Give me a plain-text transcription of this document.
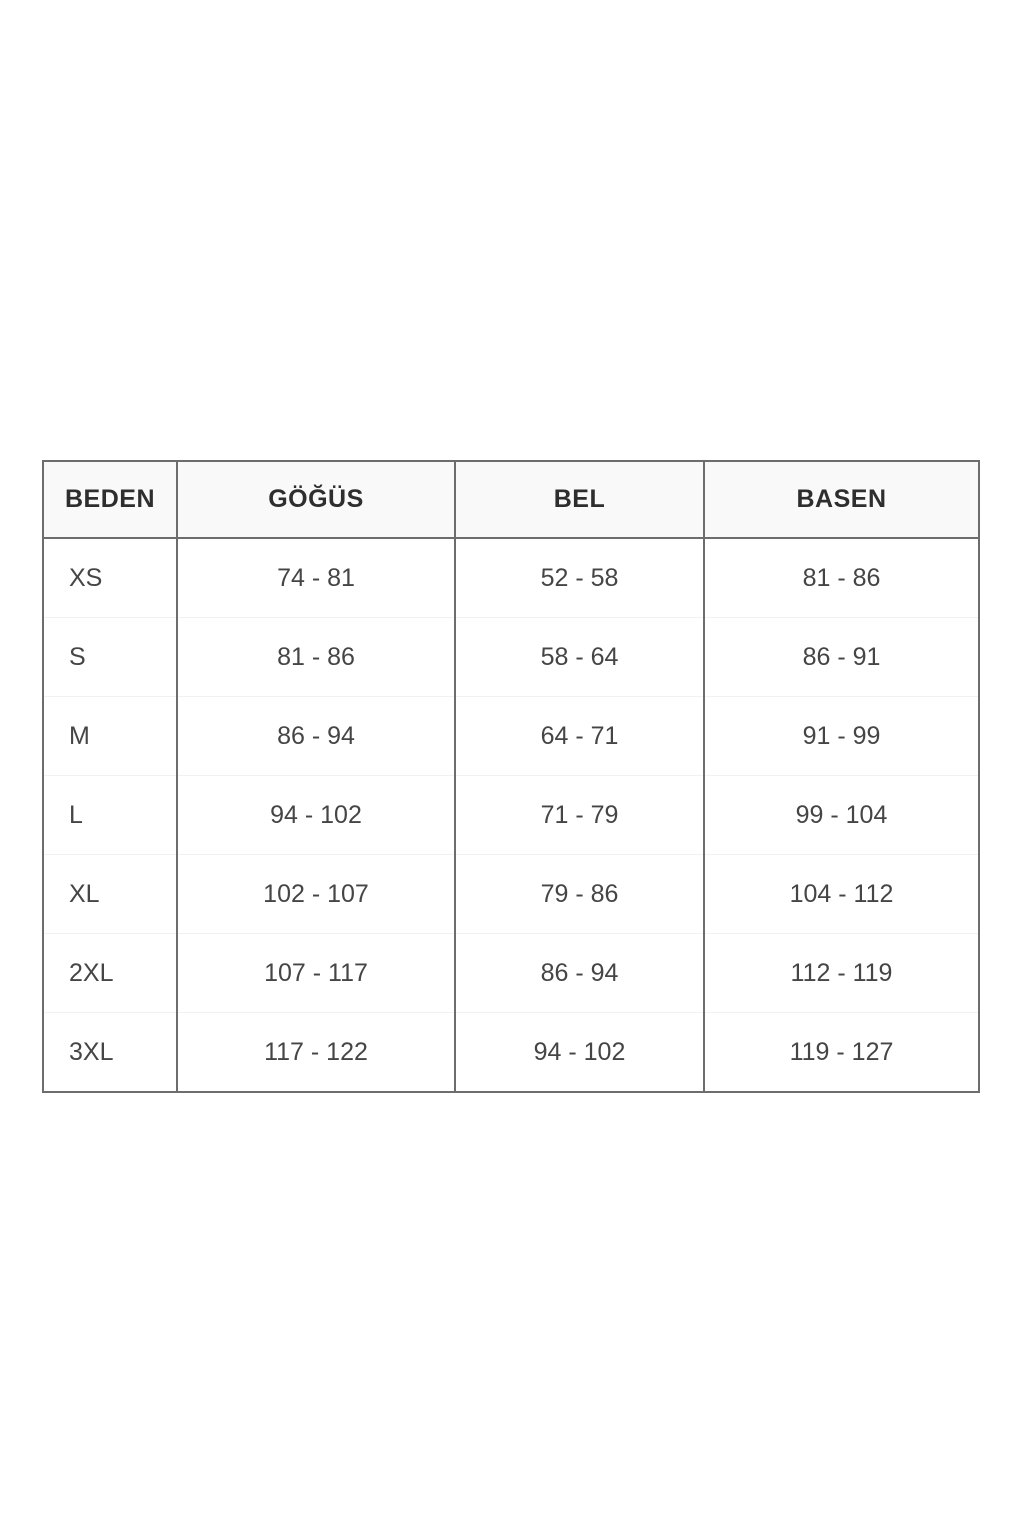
BEDEN	GÖĞÜS	BEL	BASEN
XS	74 - 81	52 - 58	81 - 86
S	81 - 86	58 - 64	86 - 91
M	86 - 94	64 - 71	91 - 99
L	94 - 102	71 - 79	99 - 104
XL	102 - 107	79 - 86	104 - 112
2XL	107 - 117	86 - 94	112 - 119
3XL	117 - 122	94 - 102	119 - 127
